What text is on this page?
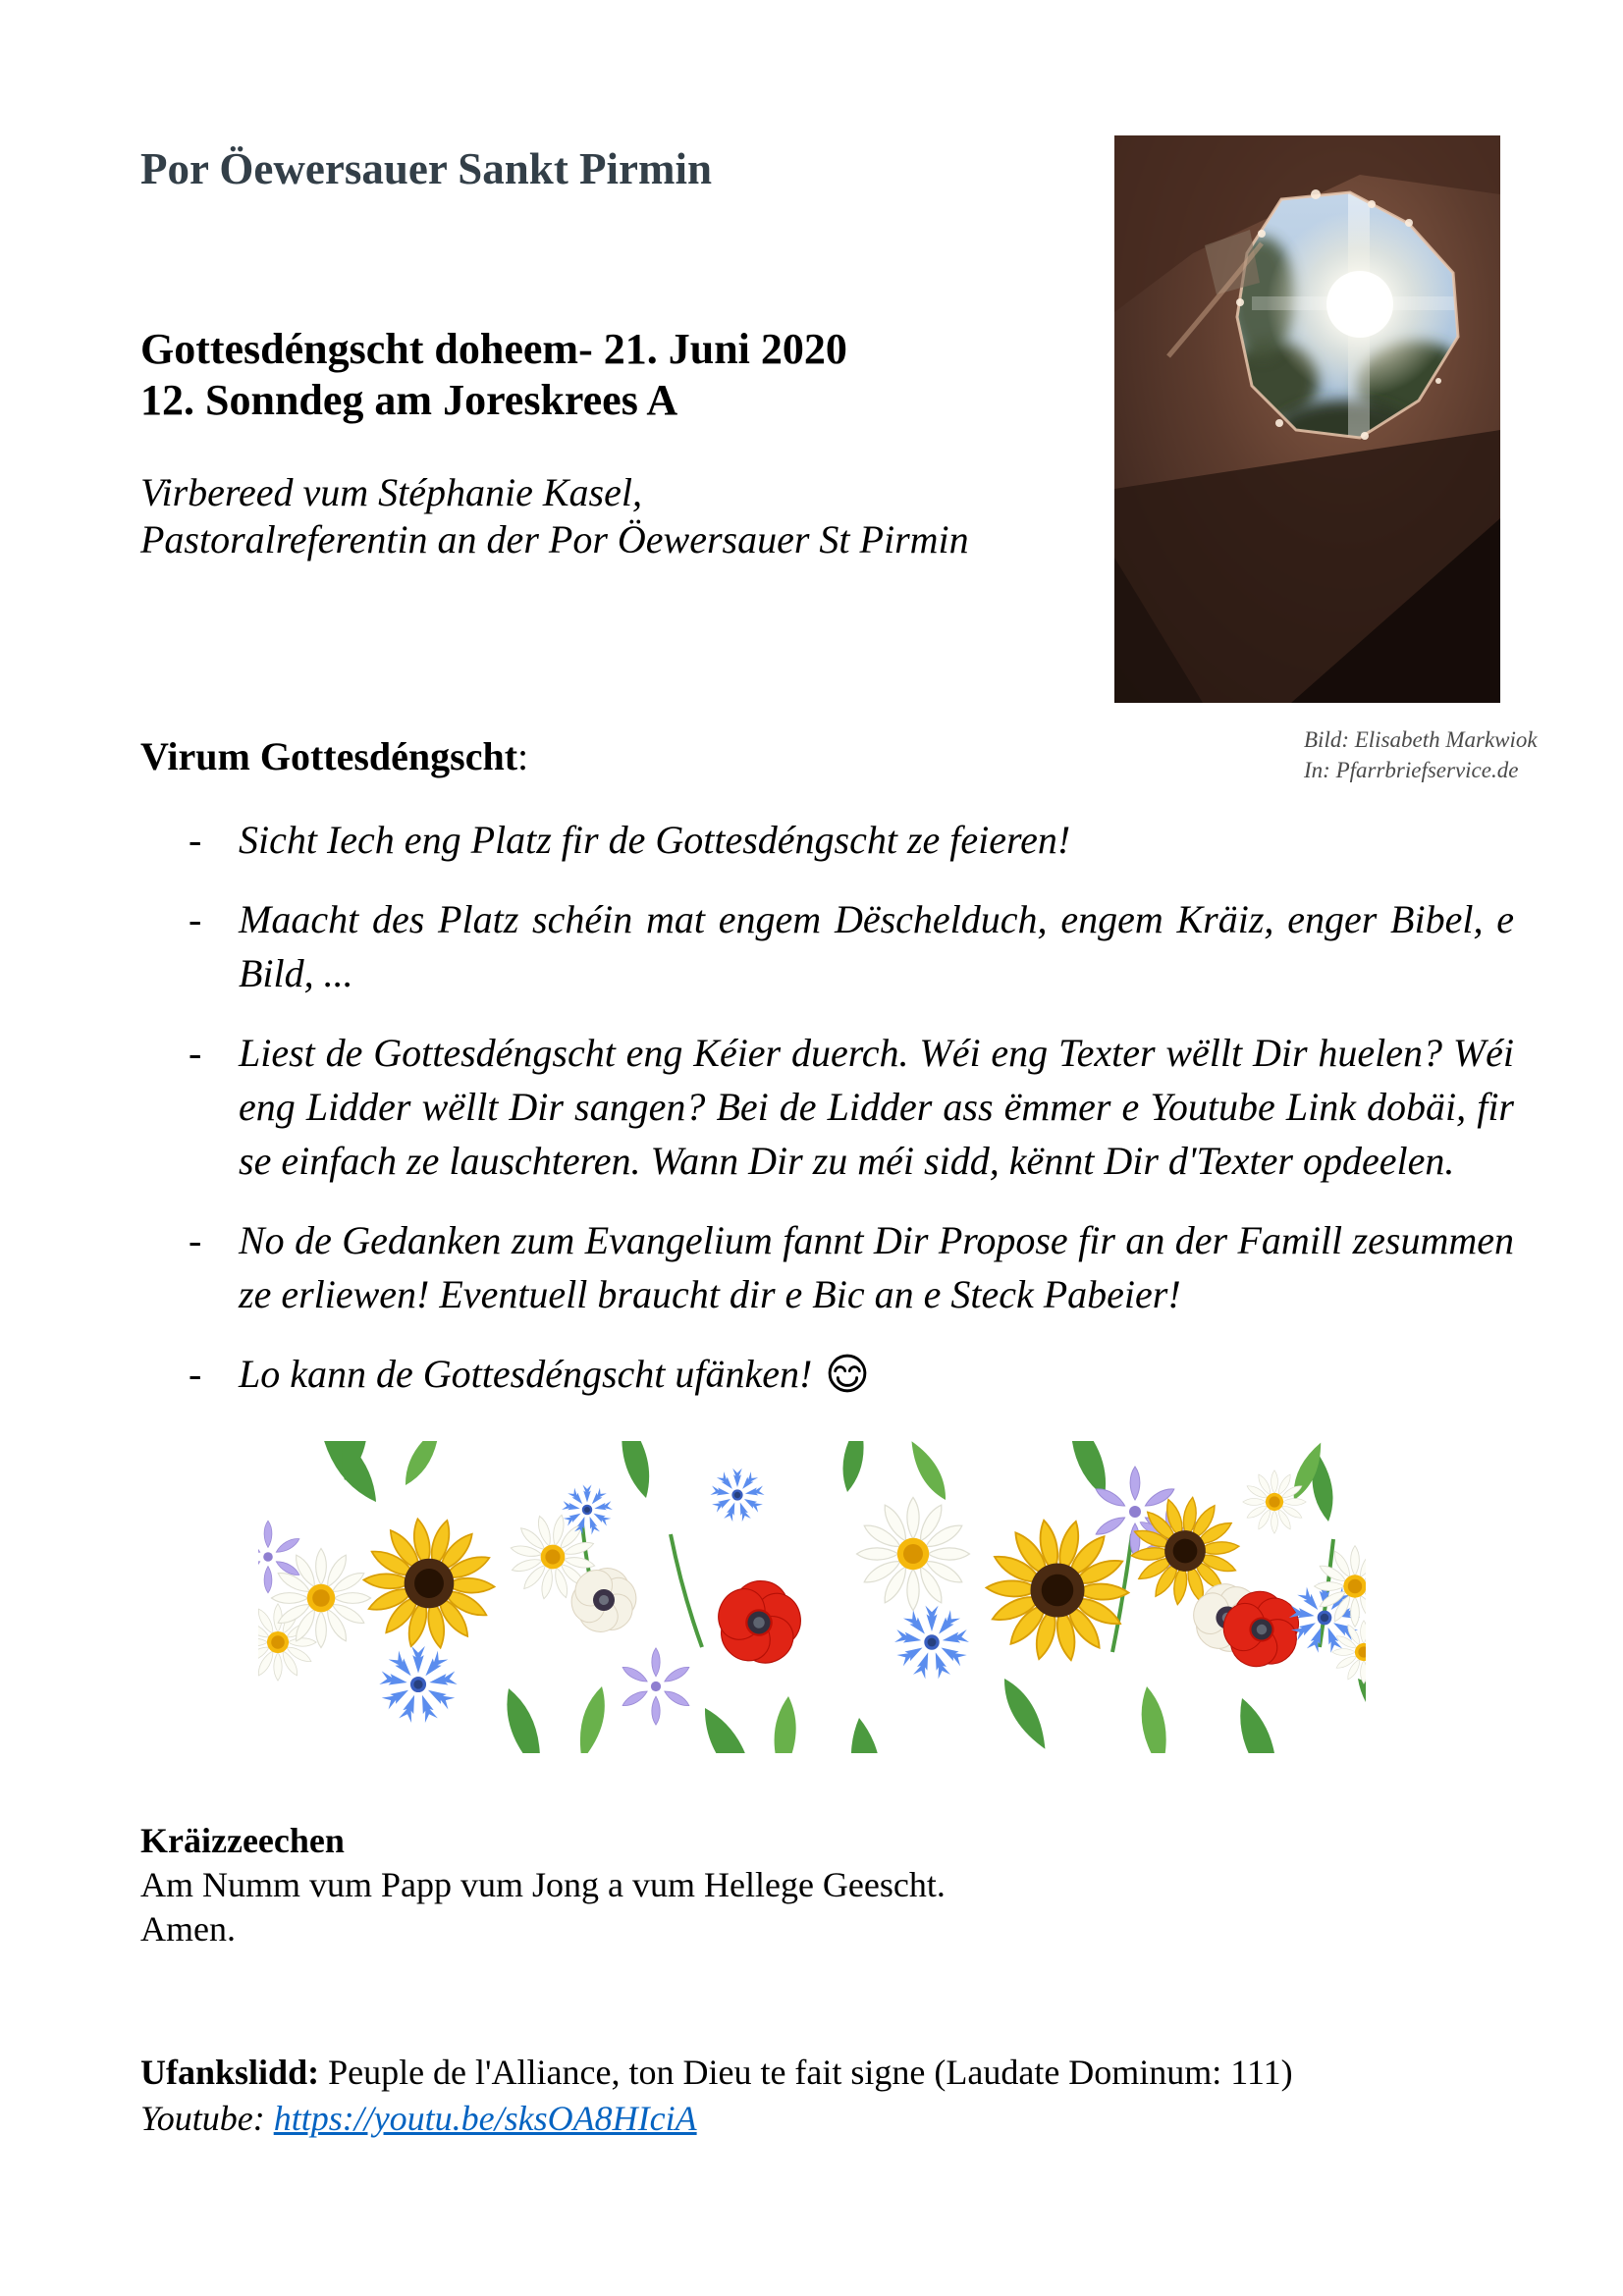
Por Öewersauer Sankt Pirmin
Gottesdéngscht doheem- 21. Juni 2020
12. Sonndeg am Joreskrees A
Virbereed vum Stéphanie Kasel,
Pastoralreferentin an der Por Öewersauer St Pirmin
Bild: Elisabeth Markwiok
In: Pfarrbriefservice.de
Virum Gottesdéngscht:
- Sicht Iech eng Platz fir de Gottesdéngscht ze feieren!
- Maacht des Platz schéin mat engem Dëschelduch, engem Kräiz, enger Bibel, e Bild, ...
- Liest de Gottesdéngscht eng Kéier duerch. Wéi eng Texter wëllt Dir huelen? Wéi eng Lidder wëllt Dir sangen? Bei de Lidder ass ëmmer e Youtube Link dobäi, fir se einfach ze lauschteren. Wann Dir zu méi sidd, kënnt Dir d'Texter opdeelen.
- No de Gedanken zum Evangelium fannt Dir Propose fir an der Famill zesummen ze erliewen! Eventuell braucht dir e Bic an e Steck Pabeier!
- Lo kann de Gottesdéngscht ufänken!
Kräizzeechen
Am Numm vum Papp vum Jong a vum Hellege Geescht.
Amen.
Ufankslidd: Peuple de l'Alliance, ton Dieu te fait signe (Laudate Dominum: 111)
Youtube: https://youtu.be/sksOA8HIciA
